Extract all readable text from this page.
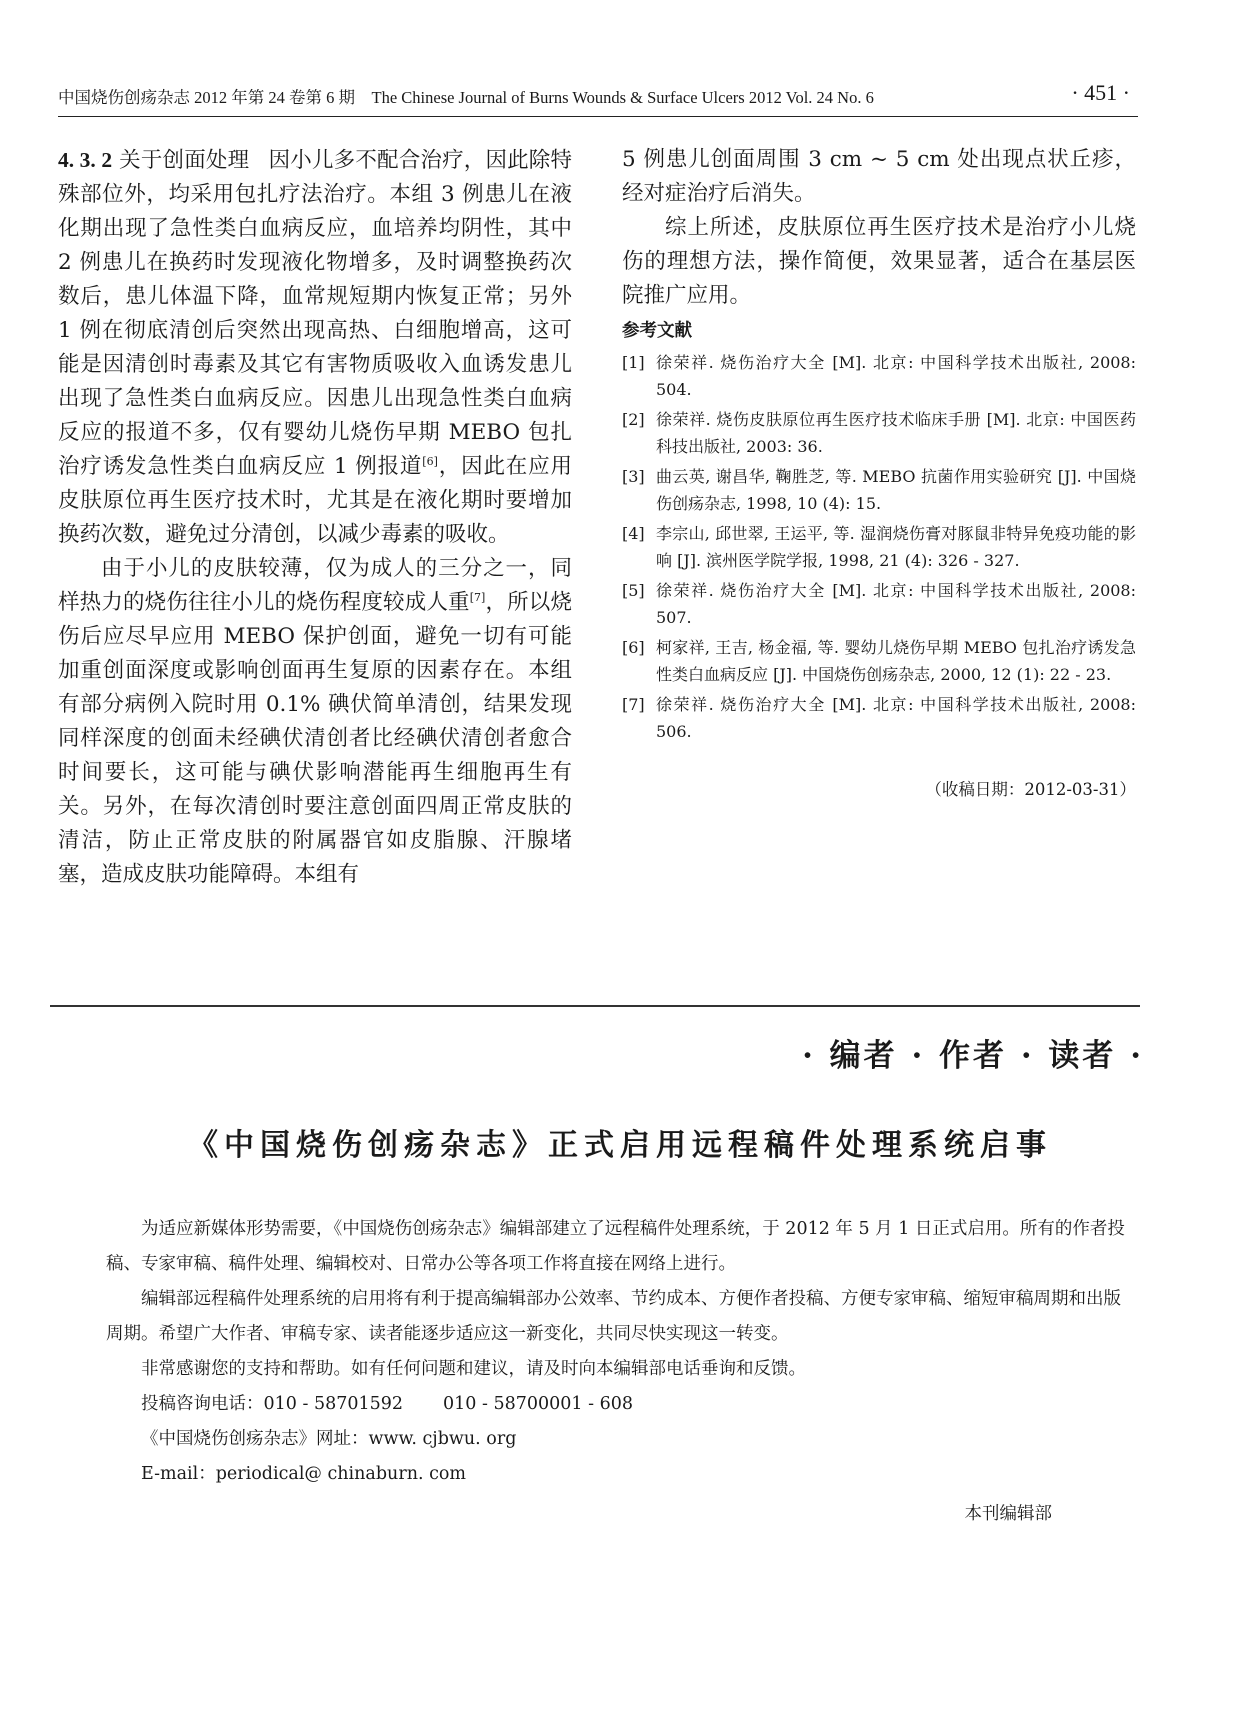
中国烧伤创疡杂志 2012 年第 24 卷第 6 期　The Chinese Journal of Burns Wounds & Surface Ulcers 2012 Vol. 24 No. 6	· 451 ·

4. 3. 2 关于创面处理 因小儿多不配合治疗，因此除特殊部位外，均采用包扎疗法治疗。本组 3 例患儿在液化期出现了急性类白血病反应，血培养均阴性，其中 2 例患儿在换药时发现液化物增多，及时调整换药次数后，患儿体温下降，血常规短期内恢复正常；另外 1 例在彻底清创后突然出现高热、白细胞增高，这可能是因清创时毒素及其它有害物质吸收入血诱发患儿出现了急性类白血病反应。因患儿出现急性类白血病反应的报道不多，仅有婴幼儿烧伤早期 MEBO 包扎治疗诱发急性类白血病反应 1 例报道[6]，因此在应用皮肤原位再生医疗技术时，尤其是在液化期时要增加换药次数，避免过分清创，以减少毒素的吸收。

由于小儿的皮肤较薄，仅为成人的三分之一，同样热力的烧伤往往小儿的烧伤程度较成人重[7]，所以烧伤后应尽早应用 MEBO 保护创面，避免一切有可能加重创面深度或影响创面再生复原的因素存在。本组有部分病例入院时用 0.1% 碘伏简单清创，结果发现同样深度的创面未经碘伏清创者比经碘伏清创者愈合时间要长，这可能与碘伏影响潜能再生细胞再生有关。另外，在每次清创时要注意创面四周正常皮肤的清洁，防止正常皮肤的附属器官如皮脂腺、汗腺堵塞，造成皮肤功能障碍。本组有

5 例患儿创面周围 3 cm ~ 5 cm 处出现点状丘疹，经对症治疗后消失。

综上所述，皮肤原位再生医疗技术是治疗小儿烧伤的理想方法，操作简便，效果显著，适合在基层医院推广应用。

参考文献
[1] 徐荣祥. 烧伤治疗大全 [M]. 北京: 中国科学技术出版社, 2008: 504.
[2] 徐荣祥. 烧伤皮肤原位再生医疗技术临床手册 [M]. 北京: 中国医药科技出版社, 2003: 36.
[3] 曲云英, 谢昌华, 鞠胜芝, 等. MEBO 抗菌作用实验研究 [J]. 中国烧伤创疡杂志, 1998, 10 (4): 15.
[4] 李宗山, 邱世翠, 王运平, 等. 湿润烧伤膏对豚鼠非特异免疫功能的影响 [J]. 滨州医学院学报, 1998, 21 (4): 326 - 327.
[5] 徐荣祥. 烧伤治疗大全 [M]. 北京: 中国科学技术出版社, 2008: 507.
[6] 柯家祥, 王吉, 杨金福, 等. 婴幼儿烧伤早期 MEBO 包扎治疗诱发急性类白血病反应 [J]. 中国烧伤创疡杂志, 2000, 12 (1): 22 - 23.
[7] 徐荣祥. 烧伤治疗大全 [M]. 北京: 中国科学技术出版社, 2008: 506.
（收稿日期：2012-03-31）
· 编者 · 作者 · 读者 ·
《中国烧伤创疡杂志》正式启用远程稿件处理系统启事

为适应新媒体形势需要，《中国烧伤创疡杂志》编辑部建立了远程稿件处理系统，于 2012 年 5 月 1 日正式启用。所有的作者投稿、专家审稿、稿件处理、编辑校对、日常办公等各项工作将直接在网络上进行。

编辑部远程稿件处理系统的启用将有利于提高编辑部办公效率、节约成本、方便作者投稿、方便专家审稿、缩短审稿周期和出版周期。希望广大作者、审稿专家、读者能逐步适应这一新变化，共同尽快实现这一转变。

非常感谢您的支持和帮助。如有任何问题和建议，请及时向本编辑部电话垂询和反馈。

投稿咨询电话：010 - 58701592 010 - 58700001 - 608

《中国烧伤创疡杂志》网址：www. cjbwu. org

E-mail：periodical@ chinaburn. com

本刊编辑部
